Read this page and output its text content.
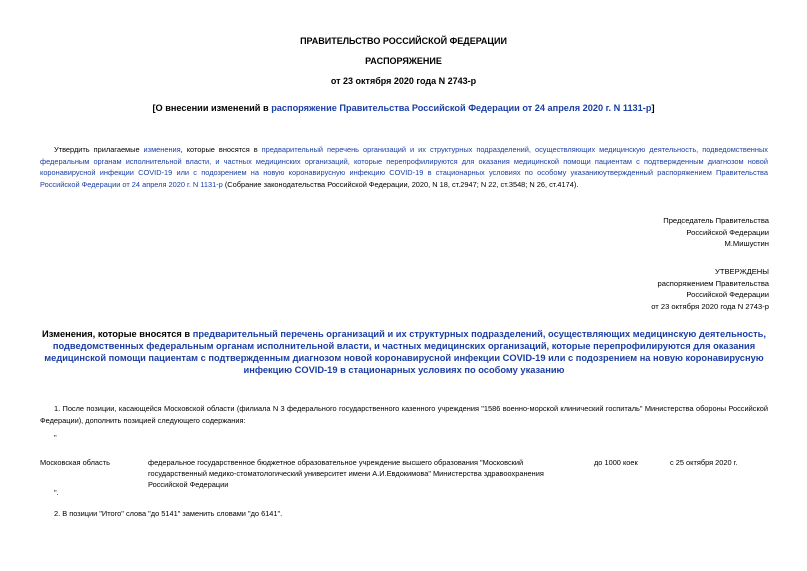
ПРАВИТЕЛЬСТВО РОССИЙСКОЙ ФЕДЕРАЦИИ
РАСПОРЯЖЕНИЕ
от 23 октября 2020 года N 2743-р
[О внесении изменений в распоряжение Правительства Российской Федерации от 24 апреля 2020 г. N 1131-р]
Утвердить прилагаемые изменения, которые вносятся в предварительный перечень организаций и их структурных подразделений, осуществляющих медицинскую деятельность, подведомственных федеральным органам исполнительной власти, и частных медицинских организаций, которые перепрофилируются для оказания медицинской помощи пациентам с подтвержденным диагнозом новой коронавирусной инфекции COVID-19 или с подозрением на новую коронавирусную инфекцию COVID-19 в стационарных условиях по особому указаниюутвержденный распоряжением Правительства Российской Федерации от 24 апреля 2020 г. N 1131-р (Собрание законодательства Российской Федерации, 2020, N 18, ст.2947; N 22, ст.3548; N 26, ст.4174).
Председатель Правительства
Российской Федерации
М.Мишустин
УТВЕРЖДЕНЫ
распоряжением Правительства
Российской Федерации
от 23 октября 2020 года N 2743-р
Изменения, которые вносятся в предварительный перечень организаций и их структурных подразделений, осуществляющих медицинскую деятельность, подведомственных федеральным органам исполнительной власти, и частных медицинских организаций, которые перепрофилируются для оказания медицинской помощи пациентам с подтвержденным диагнозом новой коронавирусной инфекции COVID-19 или с подозрением на новую коронавирусную инфекцию COVID-19 в стационарных условиях по особому указанию
1. После позиции, касающейся Московской области (филиала N 3 федерального государственного казенного учреждения "1586 военно-морской клинический госпиталь" Министерства обороны Российской Федерации), дополнить позицией следующего содержания:
"
Московская область	федеральное государственное бюджетное образовательное учреждение высшего образования "Московский государственный медико-стоматологический университет имени А.И.Евдокимова" Министерства здравоохранения Российской Федерации
до 1000 коек	с 25 октября 2020 г.
".
2. В позиции "Итого" слова "до 5141" заменить словами "до 6141".
